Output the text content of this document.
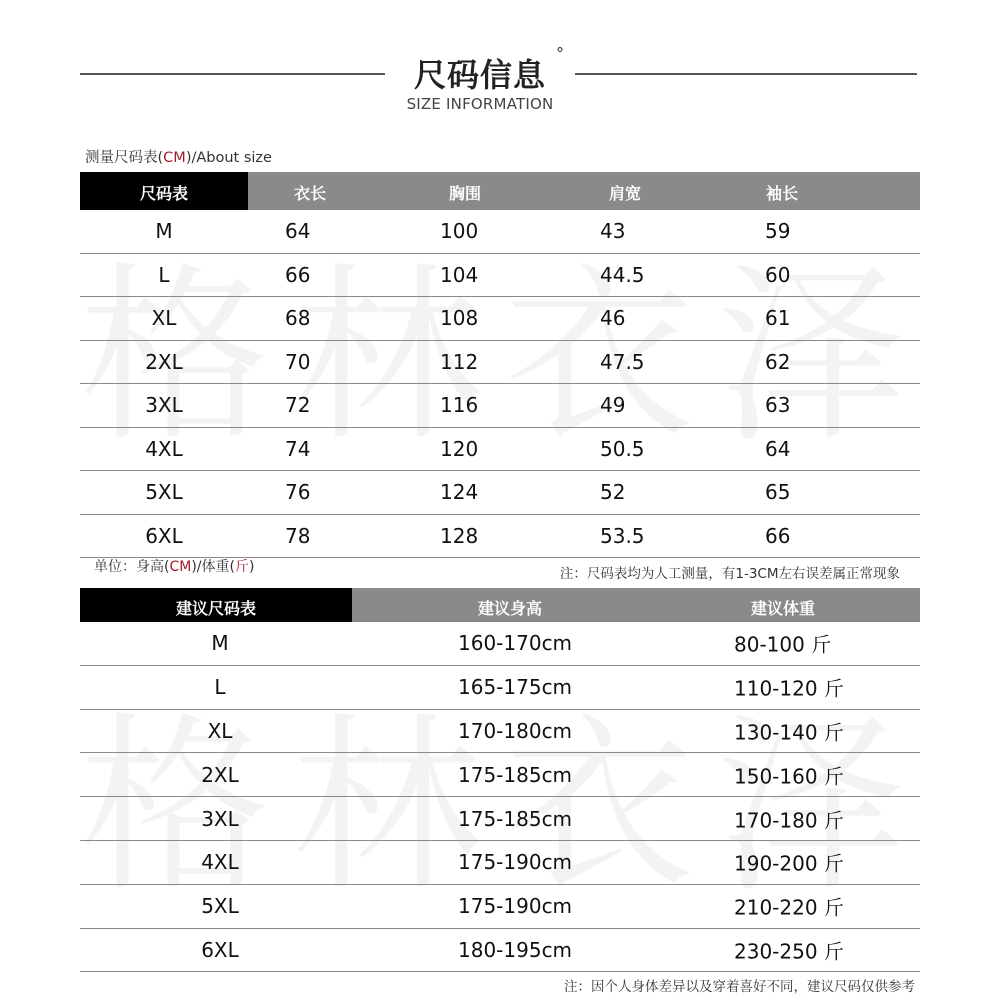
尺码信息
°
SIZE INFORMATION
测量尺码表(CM)/About size
尺码表	衣长	胸围	肩宽	袖长
M	64	100	43	59
L	66	104	44.5	60
XL	68	108	46	61
2XL	70	112	47.5	62
3XL	72	116	49	63
4XL	74	120	50.5	64
5XL	76	124	52	65
6XL	78	128	53.5	66
单位：身高(CM)/体重(斤)	注：尺码表均为人工测量，有1-3CM左右误差属正常现象
建议尺码表	建议身高	建议体重
M	160-170cm	80-100 斤
L	165-175cm	110-120 斤
XL	170-180cm	130-140 斤
2XL	175-185cm	150-160 斤
3XL	175-185cm	170-180 斤
4XL	175-190cm	190-200 斤
5XL	175-190cm	210-220 斤
6XL	180-195cm	230-250 斤
注：因个人身体差异以及穿着喜好不同，建议尺码仅供参考
